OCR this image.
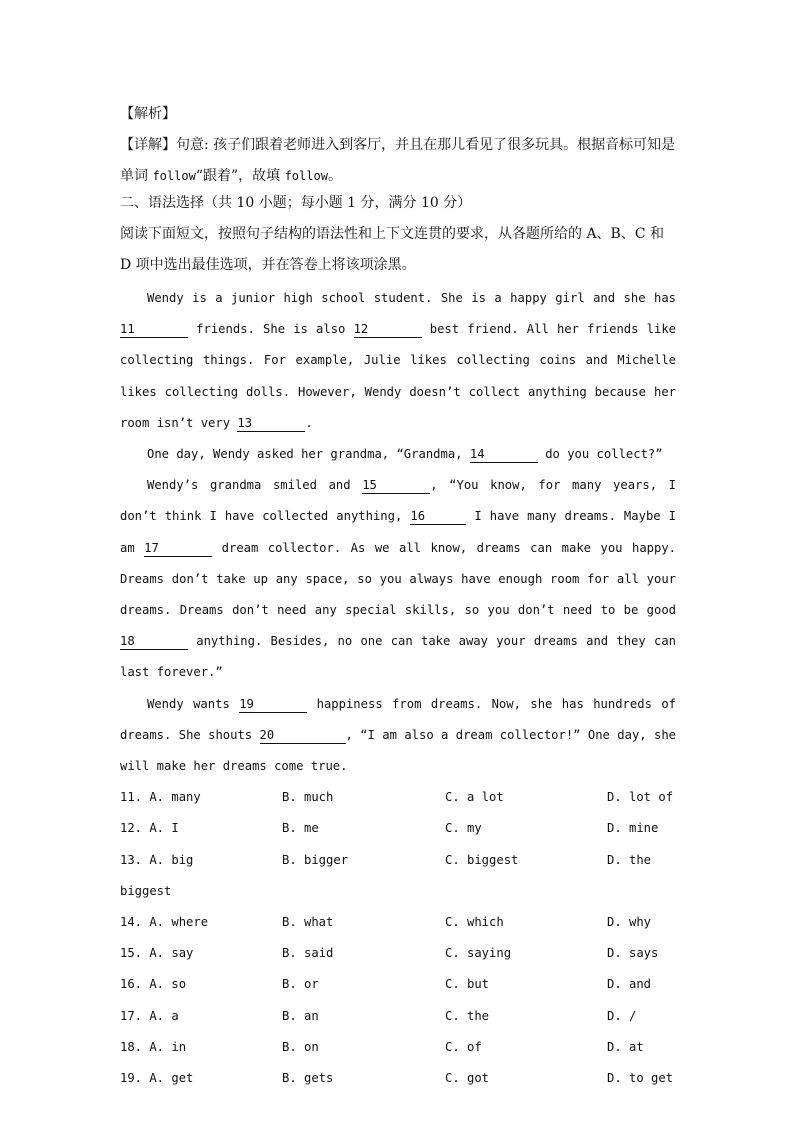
【解析】

【详解】句意: 孩子们跟着老师进入到客厅，并且在那儿看见了很多玩具。根据音标可知是

单词 follow“跟着”，故填 follow。

二、语法选择（共 10 小题；每小题 1 分，满分 10 分）

阅读下面短文，按照句子结构的语法性和上下文连贯的要求，从各题所给的 A、B、C 和 D 项中选出最佳选项，并在答卷上将该项涂黑。

Wendy is a junior high school student. She is a happy girl and she has 11	friends. She is also 12	best friend. All her friends like collecting things. For example, Julie likes collecting coins and Michelle likes collecting dolls. However, Wendy doesn’t collect anything because her room isn’t very 13	.

One day, Wendy asked her grandma, “Grandma, 14	do you collect?”

Wendy’s grandma smiled and 15	, “You know, for many years, I don’t think I have collected anything, 16	I have many dreams. Maybe I am 17	dream collector. As we all know, dreams can make you happy. Dreams don’t take up any space, so you always have enough room for all your dreams. Dreams don’t need any special skills, so you don’t need to be good 18	anything. Besides, no one can take away your dreams and they can last forever.”

Wendy wants 19	happiness from dreams. Now, she has hundreds of dreams. She shouts 20	, “I am also a dream collector!” One day, she will make her dreams come true.

11. A. many	B. much	C. a lot	D. lot of
12. A. I	B. me	C. my	D. mine
13. A. big	B. bigger	C. biggest	D. the
biggest
14. A. where	B. what	C. which	D. why
15. A. say	B. said	C. saying	D. says
16. A. so	B. or	C. but	D. and
17. A. a	B. an	C. the	D. /
18. A. in	B. on	C. of	D. at
19. A. get	B. gets	C. got	D. to get
